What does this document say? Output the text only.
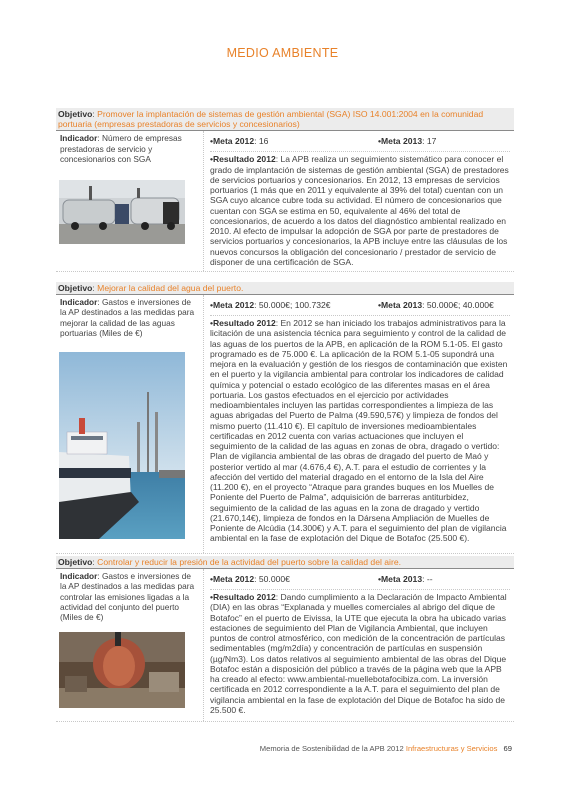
MEDIO AMBIENTE
Objetivo: Promover la implantación de sistemas de gestión ambiental (SGA) ISO 14.001:2004 en la comunidad portuaria (empresas prestadoras de servicios y concesionarios)
Indicador: Número de empresas prestadoras de servicio y concesionarios con SGA
•Meta 2012: 16	•Meta 2013: 17
•Resultado 2012: La APB realiza un seguimiento sistemático para conocer el grado de implantación de sistemas de gestión ambiental (SGA) de prestadores de servicios portuarios y concesionarios. En 2012, 13 empresas de servicios portuarios (1 más que en 2011 y equivalente al 39% del total) cuentan con un SGA cuyo alcance cubre toda su actividad. El número de concesionarios que cuentan con SGA se estima en 50, equivalente al 46% del total de concesionarios, de acuerdo a los datos del diagnóstico ambiental realizado en 2010. Al efecto de impulsar la adopción de SGA por parte de prestadores de servicios portuarios y concesionarios, la APB incluye entre las cláusulas de los nuevos concursos la obligación del concesionario / prestador de servicio de disponer de una certificación de SGA.
Objetivo: Mejorar la calidad del agua del puerto.
Indicador: Gastos e inversiones de la AP destinados a las medidas para mejorar la calidad de las aguas portuarias (Miles de €)
•Meta 2012: 50.000€; 100.732€	•Meta 2013: 50.000€; 40.000€
•Resultado 2012: En 2012 se han iniciado los trabajos administrativos para la licitación de una asistencia técnica para seguimiento y control de la calidad de las aguas de los puertos de la APB, en aplicación de la ROM 5.1-05. El gasto programado es de 75.000 €. La aplicación de la ROM 5.1-05 supondrá una mejora en la evaluación y gestión de los riesgos de contaminación que existen en el puerto y la vigilancia ambiental para controlar los indicadores de calidad química y potencial o estado ecológico de las diferentes masas en el área portuaria. Los gastos efectuados en el ejercicio por actividades medioambientales incluyen las partidas correspondientes a limpieza de las aguas abrigadas del Puerto de Palma (49.590,57€) y limpieza de fondos del mismo puerto (11.410 €). El capítulo de inversiones medioambientales certificadas en 2012 cuenta con varias actuaciones que incluyen el seguimiento de la calidad de las aguas en zonas de obra, dragado o vertido: Plan de vigilancia ambiental de las obras de dragado del puerto de Maó y posterior vertido al mar (4.676,4 €), A.T. para el estudio de corrientes y la afección del vertido del material dragado en el entorno de la Isla del Aire (11.200 €), en el proyecto “Atraque para grandes buques en los Muelles de Poniente del Puerto de Palma”, adquisición de barreras antiturbidez, seguimiento de la calidad de las aguas en la zona de dragado y vertido (21.670,14€), limpieza de fondos en la Dársena Ampliación de Muelles de Poniente de Alcúdia (14.300€) y A.T. para el seguimiento del plan de vigilancia ambiental en la fase de explotación del Dique de Botafoc (25.500 €).
Objetivo: Controlar y reducir la presión de la actividad del puerto sobre la calidad del aire.
Indicador: Gastos e inversiones de la AP destinados a las medidas para controlar las emisiones ligadas a la actividad del conjunto del puerto (Miles de €)
•Meta 2012: 50.000€	•Meta 2013: --
•Resultado 2012: Dando cumplimiento a la Declaración de Impacto Ambiental (DIA) en las obras “Explanada y muelles comerciales al abrigo del dique de Botafoc” en el puerto de Eivissa, la UTE que ejecuta la obra ha ubicado varias estaciones de seguimiento del Plan de Vigilancia Ambiental, que incluyen puntos de control atmosférico, con medición de la concentración de partículas sedimentables (mg/m2día) y concentración de partículas en suspensión (µg/Nm3). Los datos relativos al seguimiento ambiental de las obras del Dique Botafoc están a disposición del público a través de la página web que la APB ha creado al efecto: www.ambiental-muellebotafocibiza.com. La inversión certificada en 2012 correspondiente a la A.T. para el seguimiento del plan de vigilancia ambiental en la fase de explotación del Dique de Botafoc ha sido de 25.500 €.
Memoria de Sostenibilidad de la APB 2012 Infraestructuras y Servicios 69
